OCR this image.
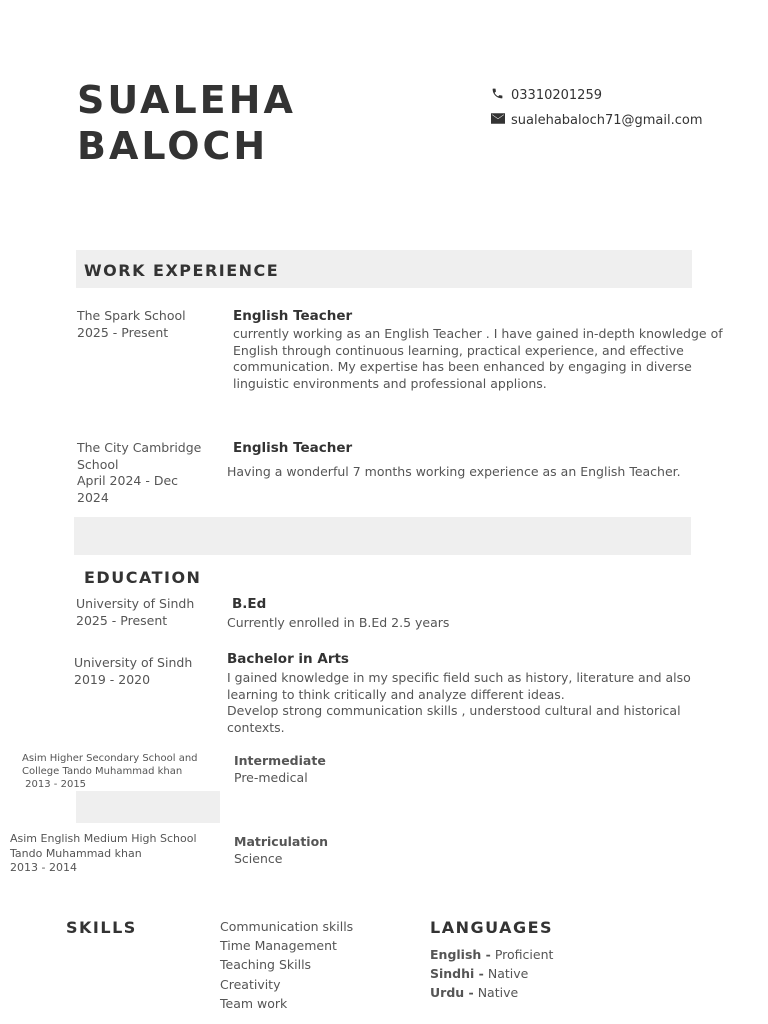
SUALEHA
BALOCH
03310201259
sualehabaloch71@gmail.com
WORK EXPERIENCE
The Spark School
2025 - Present
English Teacher
currently working as an English Teacher . I have gained in-depth knowledge of English through continuous learning, practical experience, and effective communication. My expertise has been enhanced by engaging in diverse linguistic environments and professional applions.
The City Cambridge
School
April 2024 - Dec
2024
English Teacher
Having a wonderful 7 months working experience as an English Teacher.
EDUCATION
University of Sindh
2025 - Present
B.Ed
Currently enrolled in B.Ed 2.5 years
University of Sindh
2019 - 2020
Bachelor in Arts
I gained knowledge in my specific field such as history, literature and also learning to think critically and analyze different ideas.
Develop strong communication skills , understood cultural and historical contexts.
Asim Higher Secondary School and
College Tando Muhammad khan
2013 - 2015
Intermediate
Pre-medical
Asim English Medium High School
Tando Muhammad khan
2013 - 2014
Matriculation
Science
SKILLS	Communication skills
Time Management
Teaching Skills
Creativity
Team work
LANGUAGES
English - Proficient
Sindhi - Native
Urdu - Native
